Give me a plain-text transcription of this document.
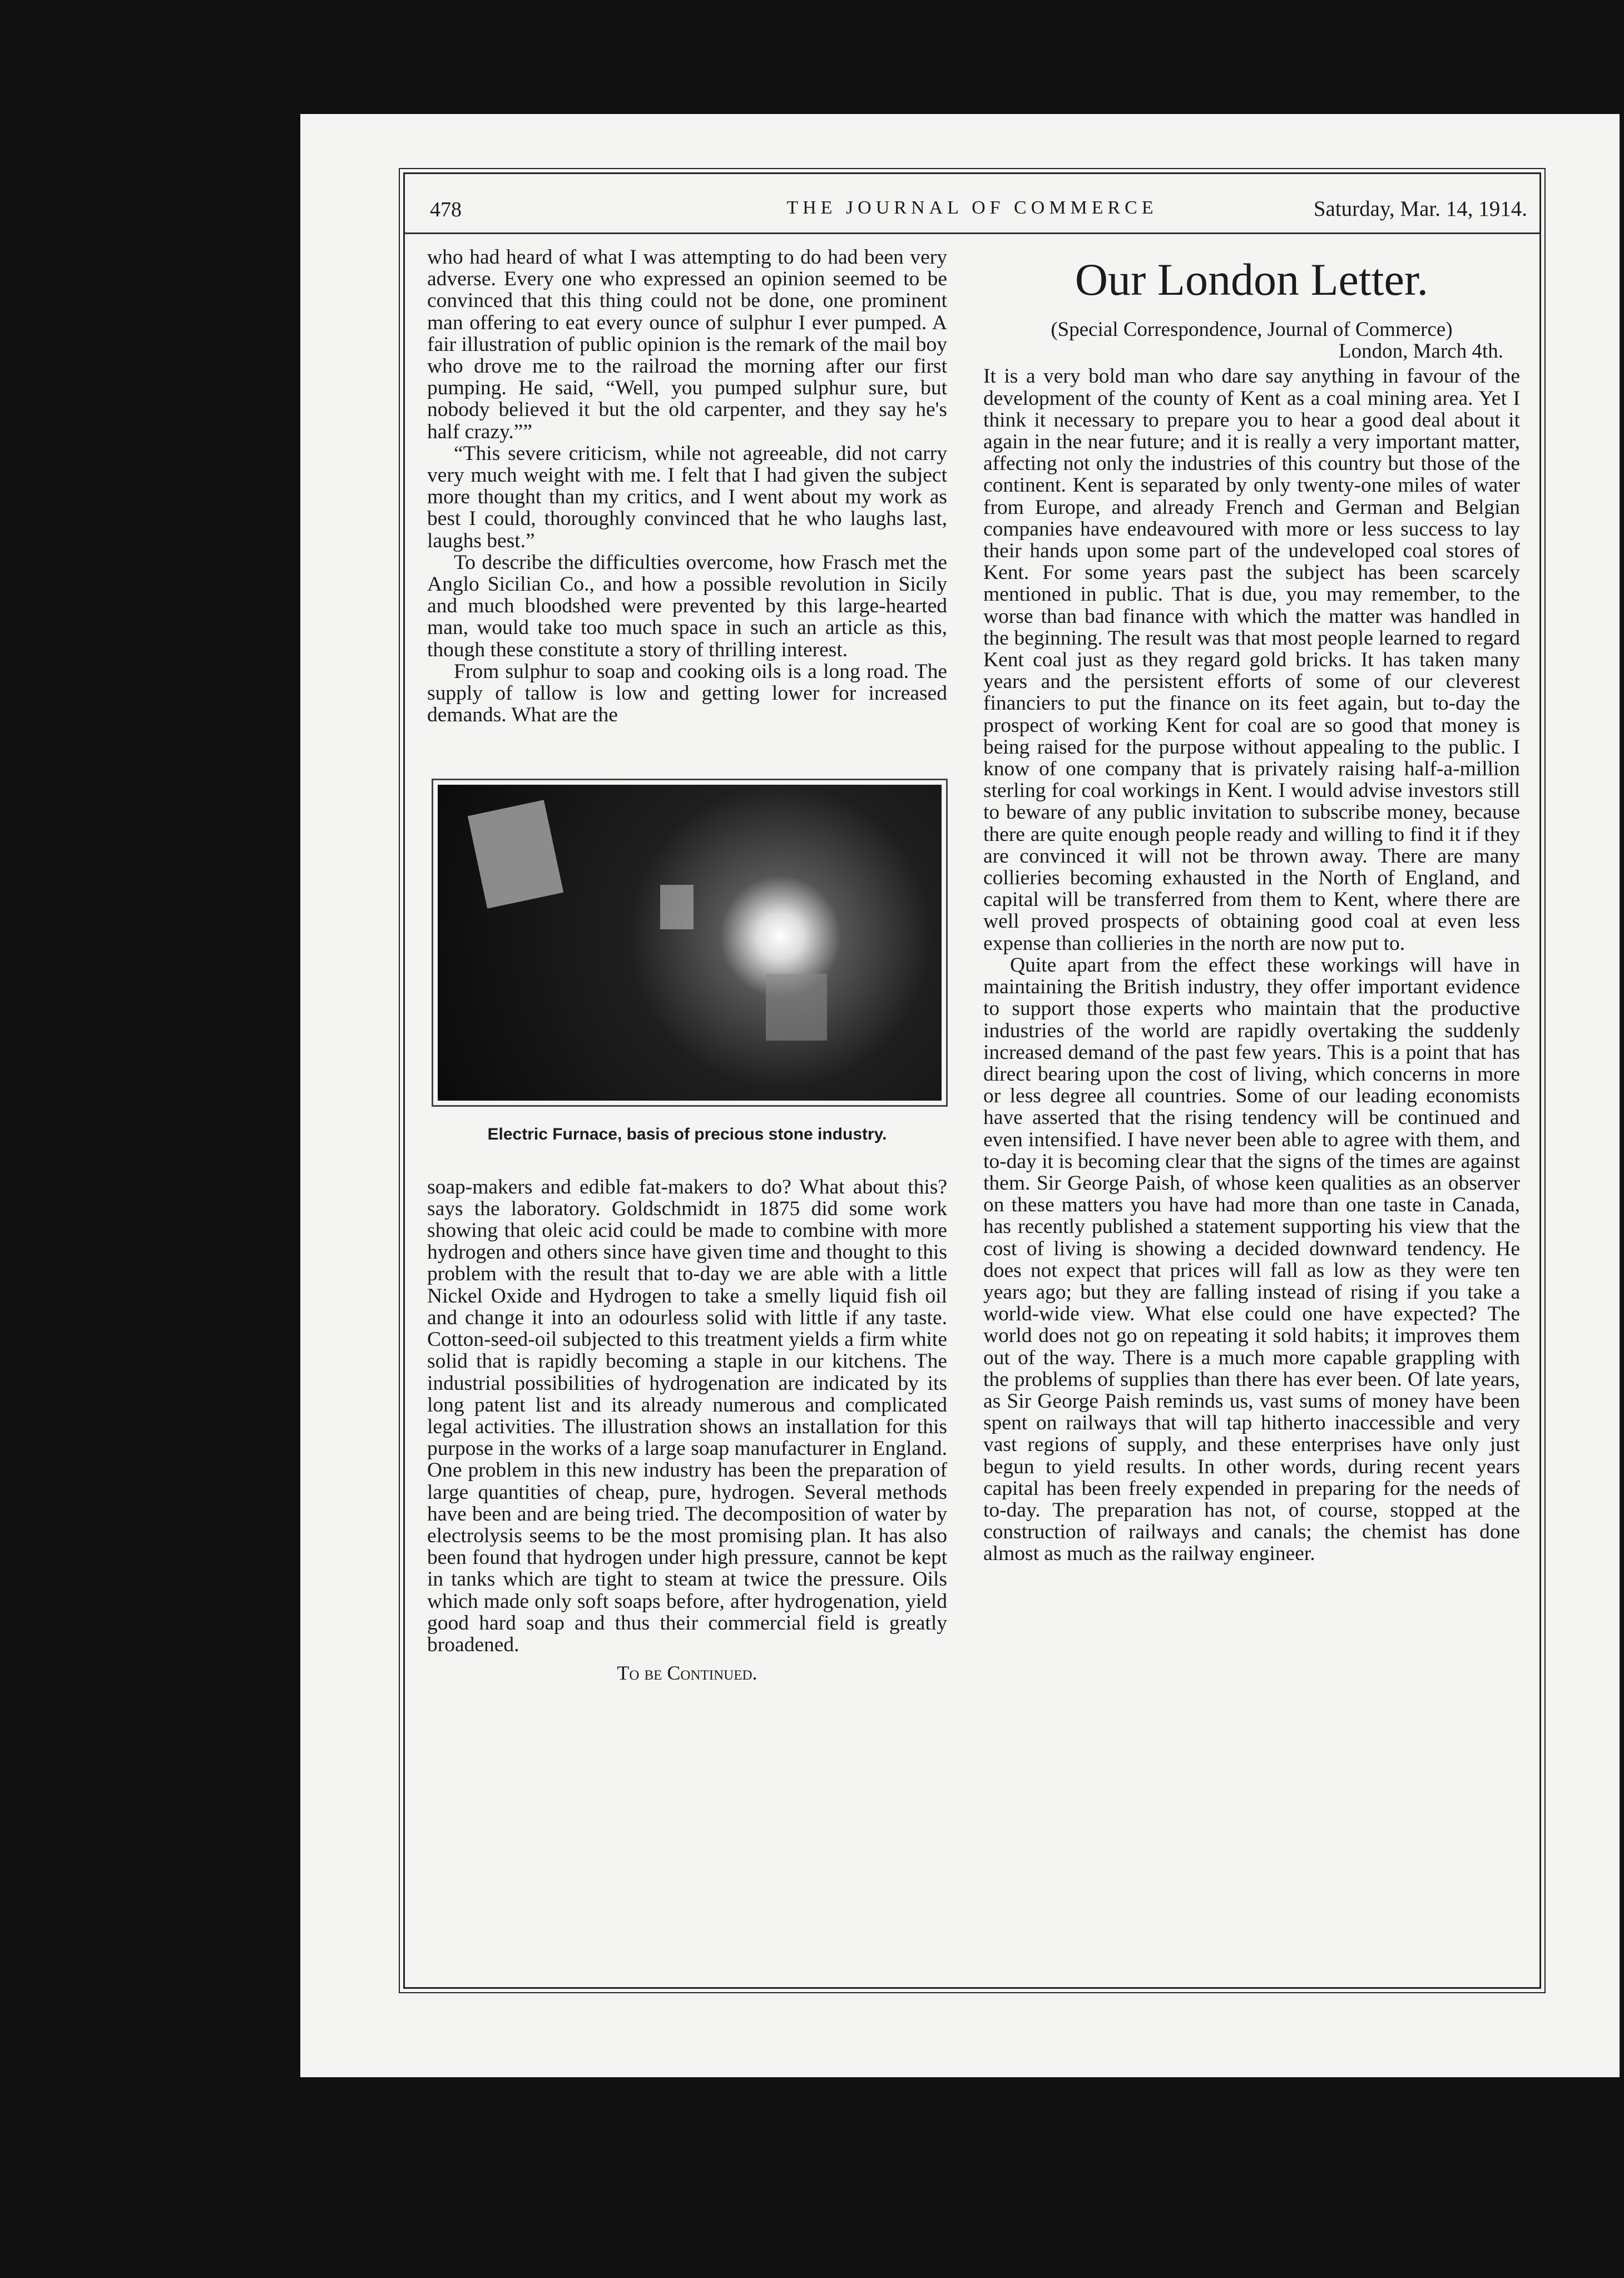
478	THE JOURNAL OF COMMERCE	Saturday, Mar. 14, 1914.

who had heard of what I was attempting to do had been very adverse. Every one who expressed an opinion seemed to be convinced that this thing could not be done, one prominent man offering to eat every ounce of sulphur I ever pumped. A fair illustration of public opinion is the remark of the mail boy who drove me to the railroad the morning after our first pumping. He said, “Well, you pumped sulphur sure, but nobody believed it but the old carpenter, and they say he's half crazy.””

“This severe criticism, while not agreeable, did not carry very much weight with me. I felt that I had given the subject more thought than my critics, and I went about my work as best I could, thoroughly convinced that he who laughs last, laughs best.”

To describe the difficulties overcome, how Frasch met the Anglo Sicilian Co., and how a possible revolution in Sicily and much bloodshed were prevented by this large-hearted man, would take too much space in such an article as this, though these constitute a story of thrilling interest.

From sulphur to soap and cooking oils is a long road. The supply of tallow is low and getting lower for increased demands. What are the

Electric Furnace, basis of precious stone industry.

soap-makers and edible fat-makers to do? What about this? says the laboratory. Goldschmidt in 1875 did some work showing that oleic acid could be made to combine with more hydrogen and others since have given time and thought to this problem with the result that to-day we are able with a little Nickel Oxide and Hydrogen to take a smelly liquid fish oil and change it into an odourless solid with little if any taste. Cotton-seed-oil subjected to this treatment yields a firm white solid that is rapidly becoming a staple in our kitchens. The industrial possibilities of hydrogenation are indicated by its long patent list and its already numerous and complicated legal activities. The illustration shows an installation for this purpose in the works of a large soap manufacturer in England. One problem in this new industry has been the preparation of large quantities of cheap, pure, hydrogen. Several methods have been and are being tried. The decomposition of water by electrolysis seems to be the most promising plan. It has also been found that hydrogen under high pressure, cannot be kept in tanks which are tight to steam at twice the pressure. Oils which made only soft soaps before, after hydrogenation, yield good hard soap and thus their commercial field is greatly broadened.

To be Continued.
Our London Letter.
(Special Correspondence, Journal of Commerce)
London, March 4th.

It is a very bold man who dare say anything in favour of the development of the county of Kent as a coal mining area. Yet I think it necessary to prepare you to hear a good deal about it again in the near future; and it is really a very important matter, affecting not only the industries of this country but those of the continent. Kent is separated by only twenty-one miles of water from Europe, and already French and German and Belgian companies have endeavoured with more or less success to lay their hands upon some part of the undeveloped coal stores of Kent. For some years past the subject has been scarcely mentioned in public. That is due, you may remember, to the worse than bad finance with which the matter was handled in the beginning. The result was that most people learned to regard Kent coal just as they regard gold bricks. It has taken many years and the persistent efforts of some of our cleverest financiers to put the finance on its feet again, but to-day the prospect of working Kent for coal are so good that money is being raised for the purpose without appealing to the public. I know of one company that is privately raising half-a-million sterling for coal workings in Kent. I would advise investors still to beware of any public invitation to subscribe money, because there are quite enough people ready and willing to find it if they are convinced it will not be thrown away. There are many collieries becoming exhausted in the North of England, and capital will be transferred from them to Kent, where there are well proved prospects of obtaining good coal at even less expense than collieries in the north are now put to.

Quite apart from the effect these workings will have in maintaining the British industry, they offer important evidence to support those experts who maintain that the productive industries of the world are rapidly overtaking the suddenly increased demand of the past few years. This is a point that has direct bearing upon the cost of living, which concerns in more or less degree all countries. Some of our leading economists have asserted that the rising tendency will be continued and even intensified. I have never been able to agree with them, and to-day it is becoming clear that the signs of the times are against them. Sir George Paish, of whose keen qualities as an observer on these matters you have had more than one taste in Canada, has recently published a statement supporting his view that the cost of living is showing a decided downward tendency. He does not expect that prices will fall as low as they were ten years ago; but they are falling instead of rising if you take a world-wide view. What else could one have expected? The world does not go on repeating it sold habits; it improves them out of the way. There is a much more capable grappling with the problems of supplies than there has ever been. Of late years, as Sir George Paish reminds us, vast sums of money have been spent on railways that will tap hitherto inaccessible and very vast regions of supply, and these enterprises have only just begun to yield results. In other words, during recent years capital has been freely expended in preparing for the needs of to-day. The preparation has not, of course, stopped at the construction of railways and canals; the chemist has done almost as much as the railway engineer.
